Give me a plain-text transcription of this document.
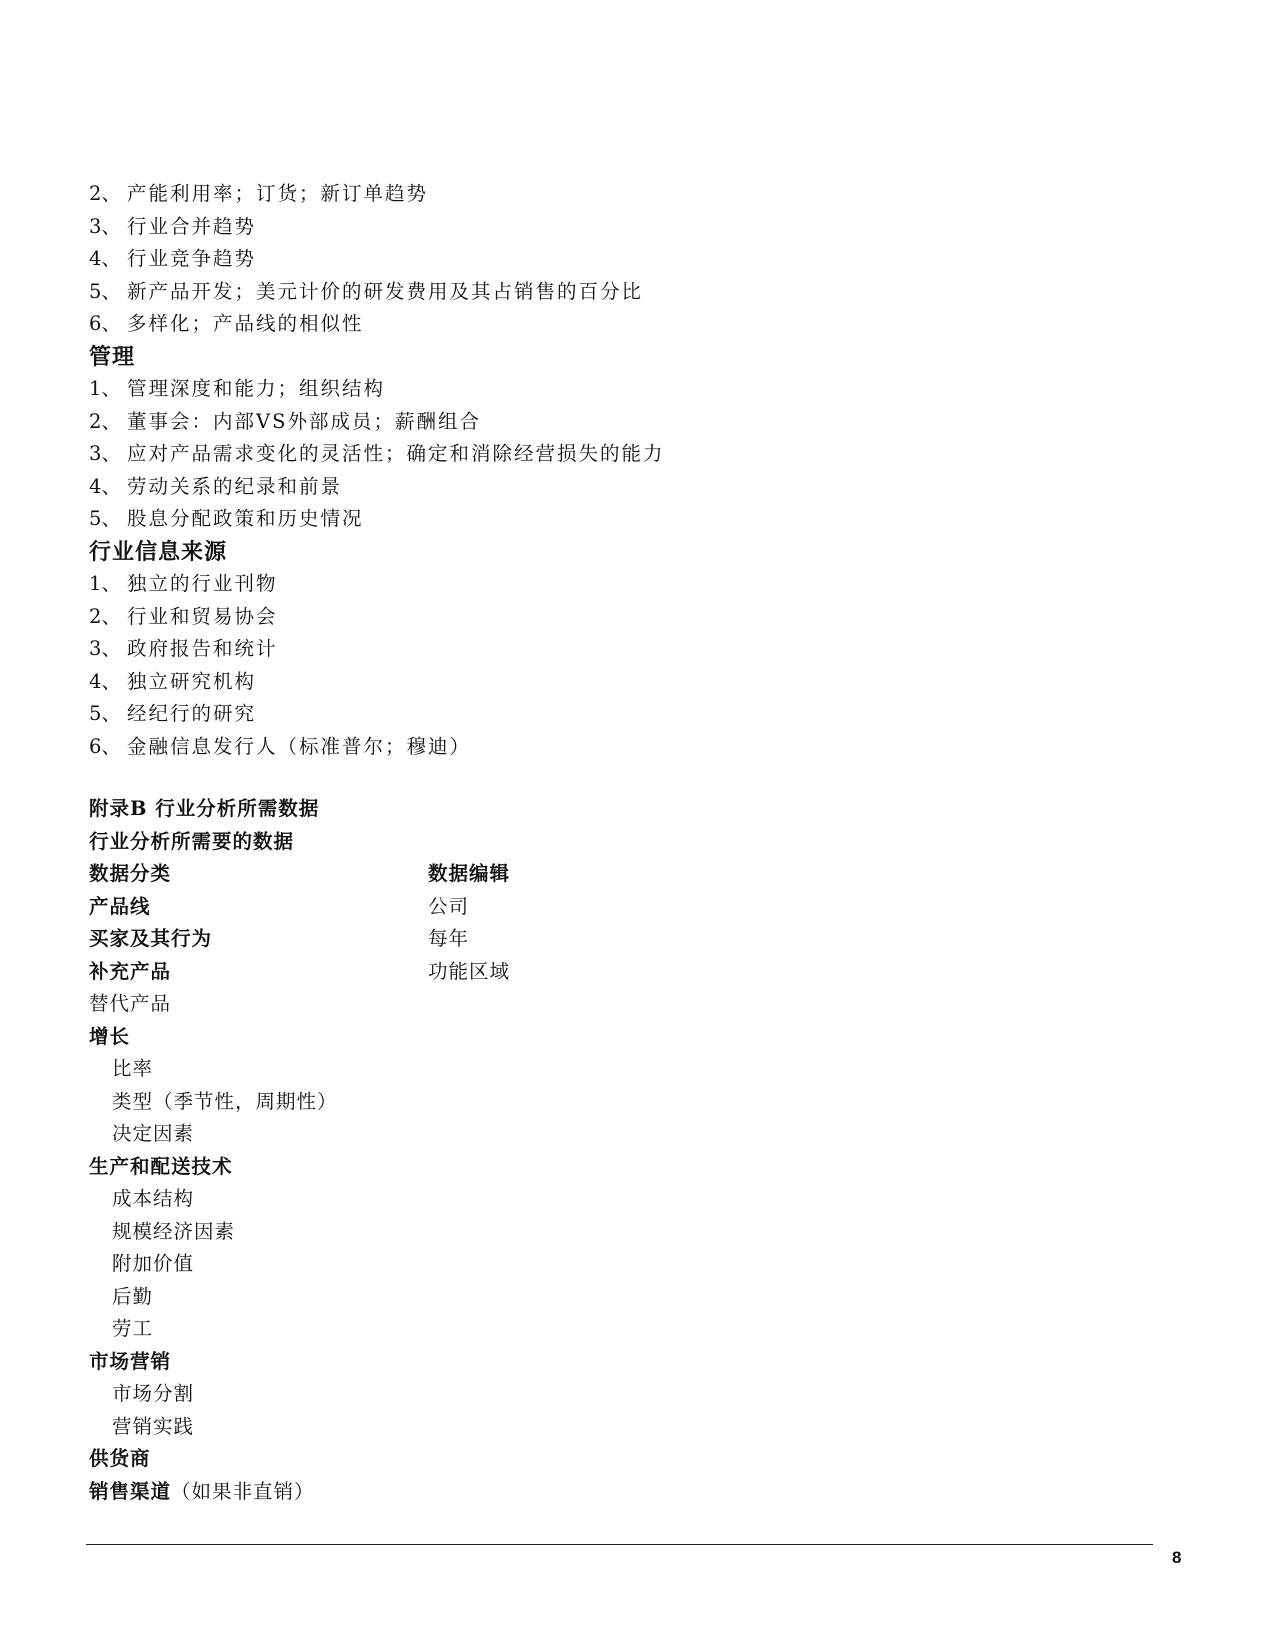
2、 产能利用率；订货；新订单趋势
3、 行业合并趋势
4、 行业竞争趋势
5、 新产品开发；美元计价的研发费用及其占销售的百分比
6、 多样化；产品线的相似性
管理
1、 管理深度和能力；组织结构
2、 董事会：内部VS外部成员；薪酬组合
3、 应对产品需求变化的灵活性；确定和消除经营损失的能力
4、 劳动关系的纪录和前景
5、 股息分配政策和历史情况
行业信息来源
1、 独立的行业刊物
2、 行业和贸易协会
3、 政府报告和统计
4、 独立研究机构
5、 经纪行的研究
6、 金融信息发行人（标准普尔；穆迪）
附录B 行业分析所需数据
行业分析所需要的数据
数据分类	数据编辑
产品线	公司
买家及其行为	每年
补充产品	功能区域
替代产品
增长
比率
类型（季节性，周期性）
决定因素
生产和配送技术
成本结构
规模经济因素
附加价值
后勤
劳工
市场营销
市场分割
营销实践
供货商
销售渠道 （如果非直销）
8
